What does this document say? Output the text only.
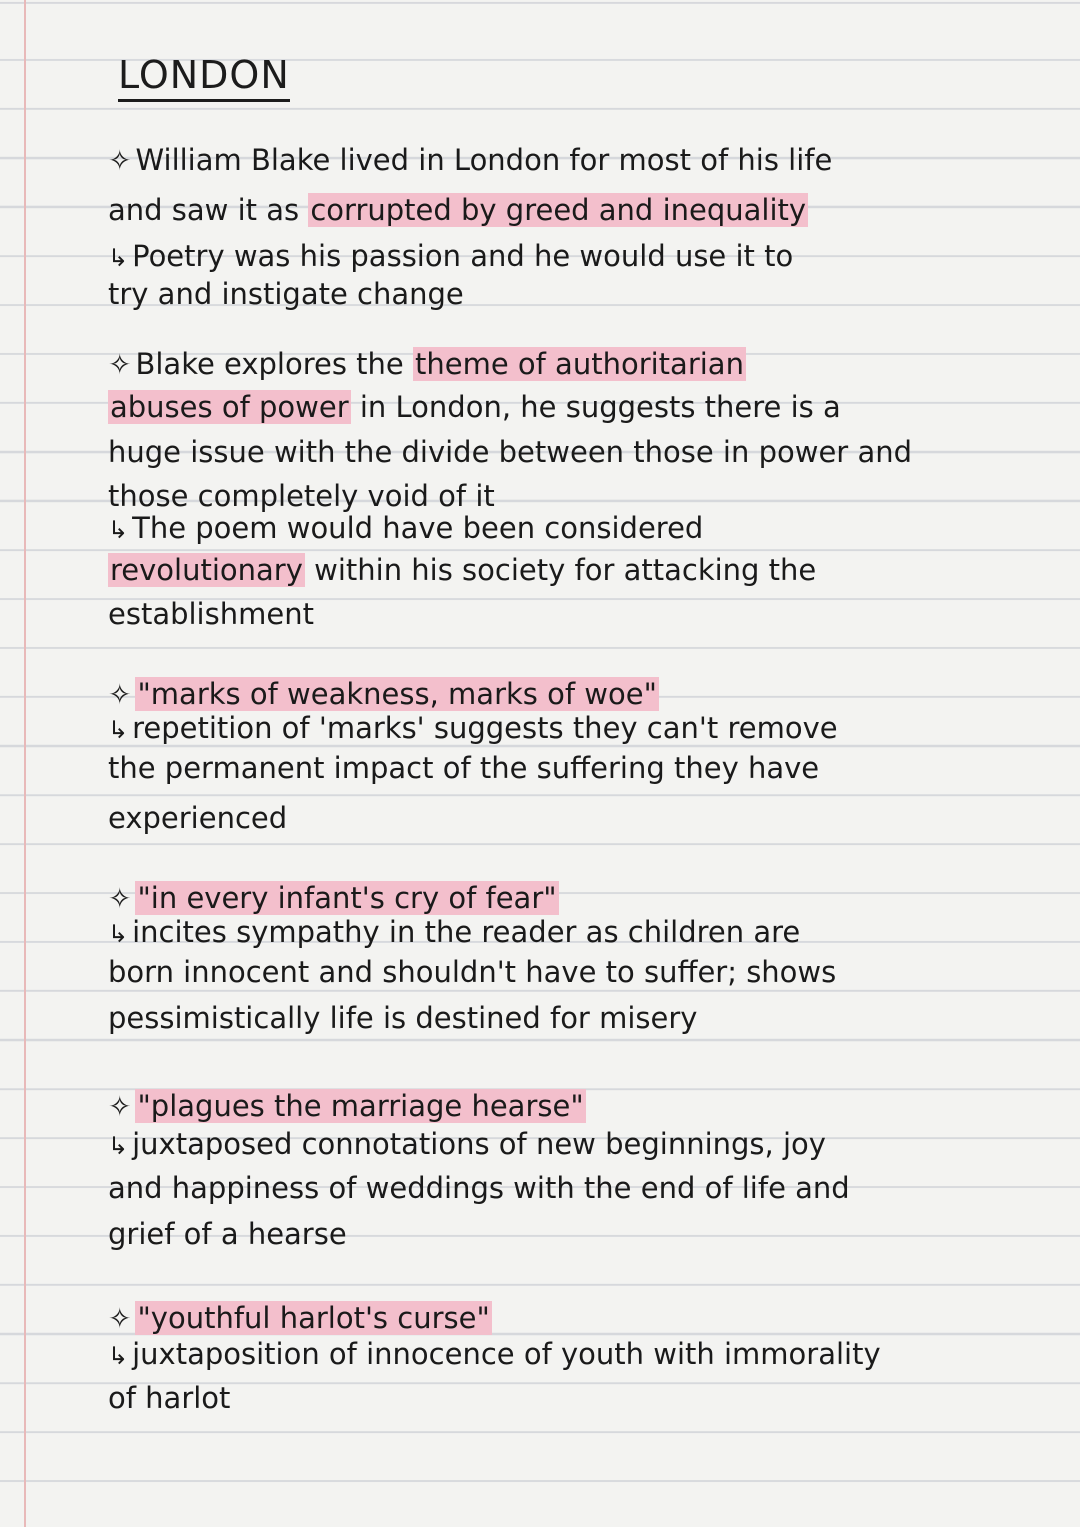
LONDON
✧ William Blake lived in London for most of his life
and saw it as corrupted by greed and inequality
↳ Poetry was his passion and he would use it to
try and instigate change
✧ Blake explores the theme of authoritarian
abuses of power in London, he suggests there is a
huge issue with the divide between those in power and
those completely void of it
↳ The poem would have been considered
revolutionary within his society for attacking the
establishment
✧ "marks of weakness, marks of woe"
↳ repetition of 'marks' suggests they can't remove
the permanent impact of the suffering they have
experienced
✧ "in every infant's cry of fear"
↳ incites sympathy in the reader as children are
born innocent and shouldn't have to suffer; shows
pessimistically life is destined for misery
✧ "plagues the marriage hearse"
↳ juxtaposed connotations of new beginnings, joy
and happiness of weddings with the end of life and
grief of a hearse
✧ "youthful harlot's curse"
↳ juxtaposition of innocence of youth with immorality
of harlot
